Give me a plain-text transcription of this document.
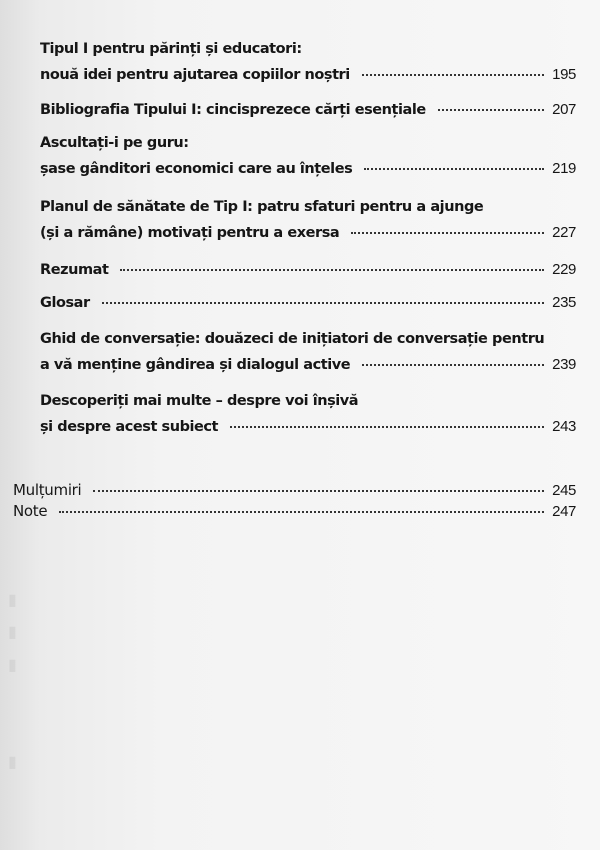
Tipul I pentru părinți și educatori:
nouă idei pentru ajutarea copiilor noștri	195
Bibliografia Tipului I: cincisprezece cărți esențiale	207
Ascultați-i pe guru:
șase gânditori economici care au înțeles	219
Planul de sănătate de Tip I: patru sfaturi pentru a ajunge
(și a rămâne) motivați pentru a exersa	227
Rezumat	229
Glosar	235
Ghid de conversație: douăzeci de inițiatori de conversație pentru
a vă menține gândirea și dialogul active	239
Descoperiți mai multe – despre voi înșivă
și despre acest subiect	243
Mulțumiri	245
Note	247
▮
▮
▮
▮
